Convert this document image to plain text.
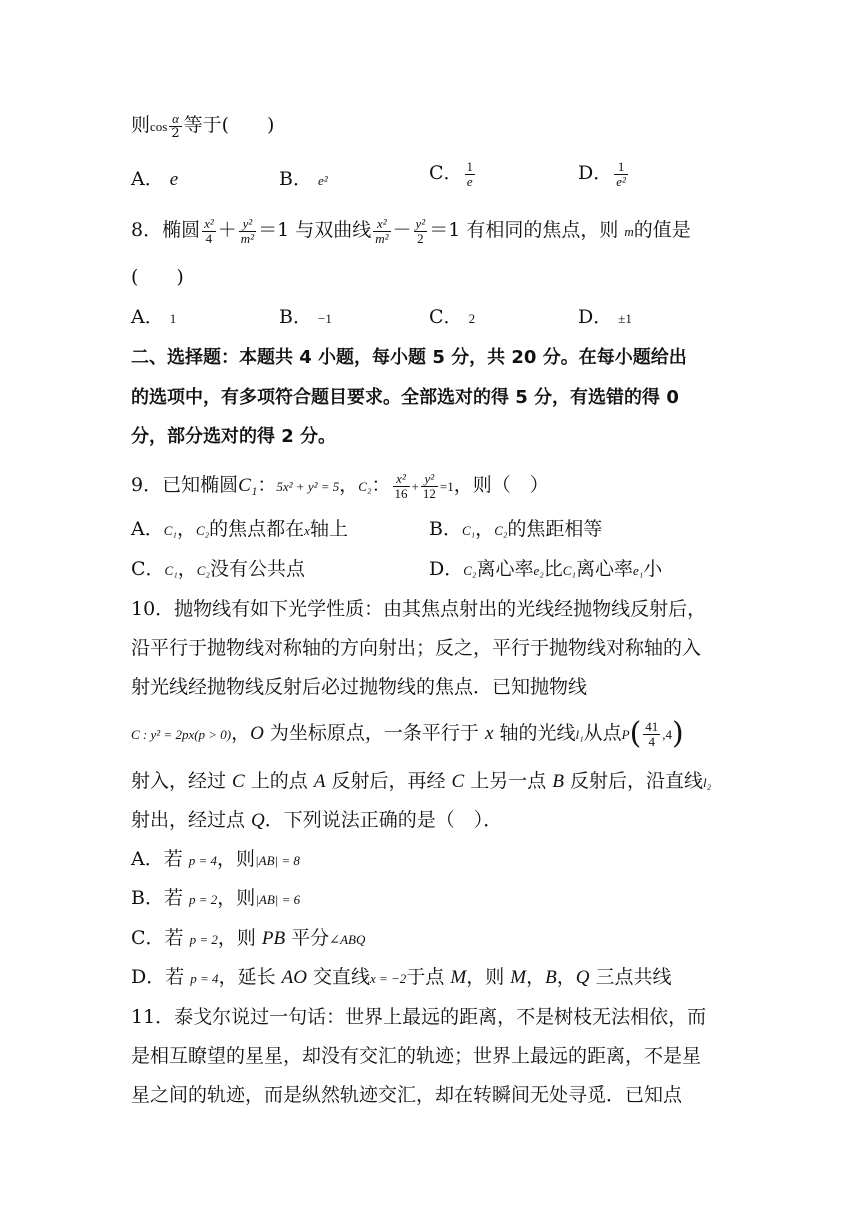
则$\cos \frac{\alpha}{2}$ 等于(　　)
A． e	B． e²	C． $\frac{1}{e}$	D． $\frac{1}{\text{e²}}$
8．椭圆 $\frac{\text{x²}}{4} + \frac{\text{y²}}{\text{m²}} =1$ 与双曲线 $\frac{\text{x²}}{\text{m²}} - \frac{\text{y²}}{2} =1$ 有相同的焦点，则 m的值是
(　　)
A． 1	B． −1	C． 2	D． ±1
二、选择题：本题共 4 小题，每小题 5 分，共 20 分。在每小题给出
的选项中，有多项符合题目要求。全部选对的得 5 分，有选错的得 0
分，部分选对的得 2 分。
9．已知椭圆C₁：5x² + y² = 5，C₂： $\frac{\text{x²}}{16} + \frac{\text{y²}}{12} =1$，则（　）
A．C₁，C₂的焦点都在x轴上	B．C₁，C₂的焦距相等
C．C₁，C₂没有公共点	D．C₂离心率e₂比C₁离心率e₁小
10．抛物线有如下光学性质：由其焦点射出的光线经抛物线反射后，
沿平行于抛物线对称轴的方向射出；反之，平行于抛物线对称轴的入
射光线经抛物线反射后必过抛物线的焦点．已知抛物线
C : y² = 2px(p > 0)，O 为坐标原点，一条平行于 x 轴的光线l₁从点$P( \frac{41}{4} ,4)$
射入，经过 C 上的点 A 反射后，再经 C 上另一点 B 反射后，沿直线l₂
射出，经过点 Q．下列说法正确的是（　）．
A．若 p = 4，则|AB| = 8
B．若 p = 2，则|AB| = 6
C．若 p = 2，则 PB 平分∠ABQ
D．若 p = 4，延长 AO 交直线x = −2于点 M，则 M，B，Q 三点共线
11．泰戈尔说过一句话：世界上最远的距离，不是树枝无法相依，而
是相互瞭望的星星，却没有交汇的轨迹；世界上最远的距离，不是星
星之间的轨迹，而是纵然轨迹交汇，却在转瞬间无处寻觅．已知点
